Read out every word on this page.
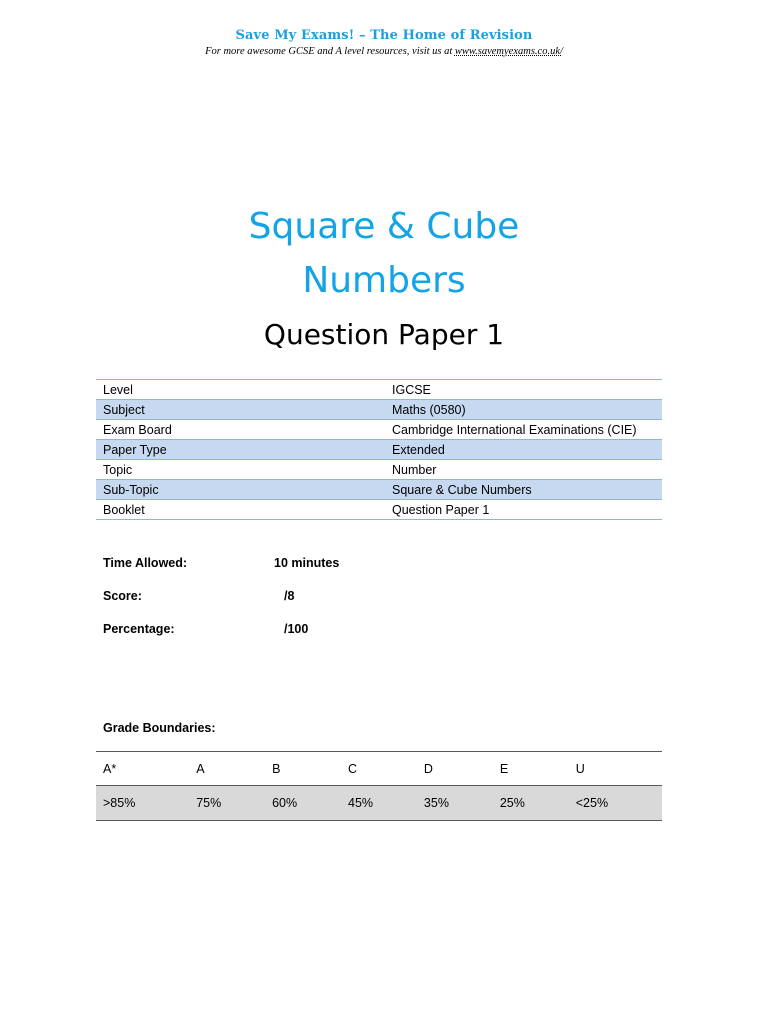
Save My Exams! – The Home of Revision
For more awesome GCSE and A level resources, visit us at www.savemyexams.co.uk/
Square & Cube
Numbers
Question Paper 1
Level	IGCSE
Subject	Maths (0580)
Exam Board	Cambridge International Examinations (CIE)
Paper Type	Extended
Topic	Number
Sub-Topic	Square & Cube Numbers
Booklet	Question Paper 1
Time Allowed:	10 minutes
Score:	/8
Percentage:	/100
Grade Boundaries:
A*	A	B	C	D	E	U
>85%	75%	60%	45%	35%	25%	<25%
